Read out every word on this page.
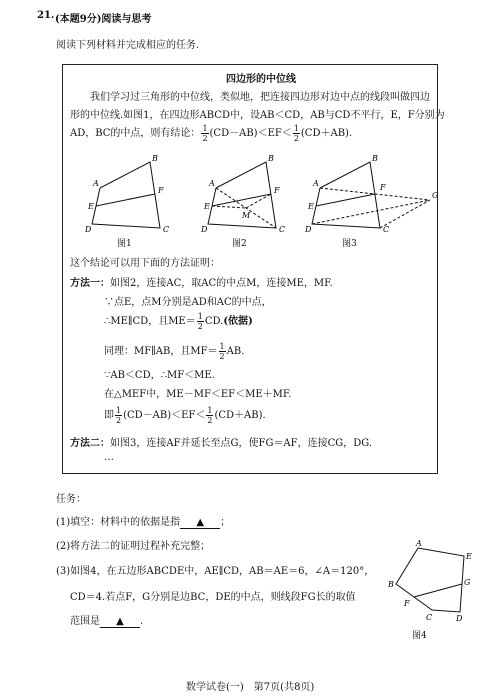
21. (本题9分)阅读与思考
阅读下列材料并完成相应的任务.
四边形的中位线
我们学习过三角形的中位线，类似地，把连接四边形对边中点的线段叫做四边
形的中位线.如图1，在四边形ABCD中，设AB＜CD，AB与CD不平行，E，F分别为
AD，BC的中点，则有结论： $\frac{1}{2} (CD-AB)<EF< \frac{1}{2} (CD+AB)$.
B
A
E
F
D	C
图1
B
A
E
F
M
D	C
图2
B
A
E
F
G
D	C
图3
这个结论可以用下面的方法证明：
方法一：如图2，连接AC，取AC的中点M，连接ME，MF.
∵点E，点M分别是AD和AC的中点，
∴ME∥CD，且$ME= \frac{1}{2} CD$.(依据)
同理：MF∥AB，且$MF= \frac{1}{2}$ AB.
∵AB＜CD，∴MF＜ME.
在△MEF中，ME－MF＜EF＜ME＋MF.
即 $\frac{1}{2} (CD-AB)<EF< \frac{1}{2} (CD+AB)$.
方法二：如图3，连接AF并延长至点G，使FG＝AF，连接CG，DG.
…
任务：
(1)填空：材料中的依据是指 ▲ ；
(2)将方法二的证明过程补充完整；
(3)如图4，在五边形ABCDE中，AE∥CD，AB＝AE＝6，∠A＝120°，
CD＝4.若点F，G分别是边BC，DE的中点，则线段FG长的取值
范围是 ▲ .
A
E
B	G
F
C	D
图4
数学试卷(一)　第7页(共8页)
